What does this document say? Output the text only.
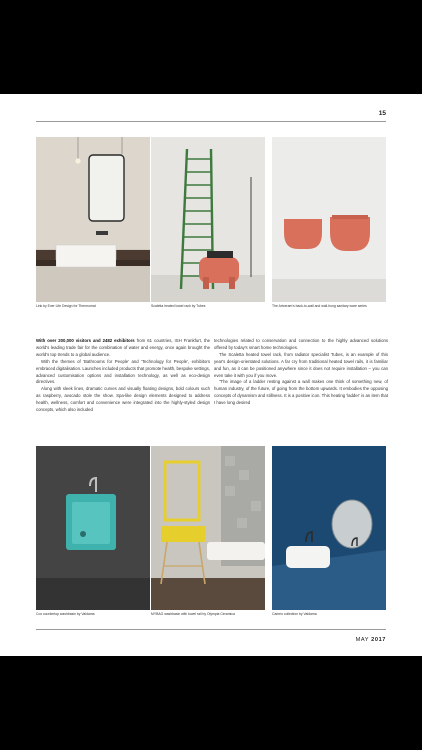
15
Link by Ever Life Design for Thermomat	Scaletta heated towel rack by Tubes	The Artceram's back-to-wall and wall-hung sanitary ware series

With over 200,000 visitors and 2482 exhibitors from 61 countries, ISH Frankfurt, the world's leading trade fair for the combination of water and energy, once again brought the world's top trends to a global audience.

With the themes of 'Bathrooms for People' and 'Technology for People', exhibitors embraced digitalisation. Launches included products that promote health, bespoke settings, advanced customisation options and installation technology, as well as eco-design directives.

Along with sleek lines, dramatic curves and visually floating designs, bold colours such as raspberry, avocado stole the show. Spa-like design elements designed to address health, wellness, comfort and convenience were integrated into the highly-styled design concepts, which also included

technologies related to conservation and connection to the highly advanced solutions offered by today's smart home technologies.

The Scaletta heated towel rack, from radiator specialist Tubes, is an example of this year's design-orientated solutions. A far cry from traditional heated towel rails, it is familiar and fun, as it can be positioned anywhere since it does not require installation – you can even take it with you if you move.

"The image of a ladder resting against a wall makes one think of something new, of human industry, of the future, of going from the bottom upwards. It embodies the opposing concepts of dynamism and stillness. It is a positive icon. This heating 'ladder' is an item that I have long desired

Cox countertop washbasin by Valdama	MYBAG washbasin with towel rail by Olympia Ceramica	Cameo collection by Valdama
MAY 2017
